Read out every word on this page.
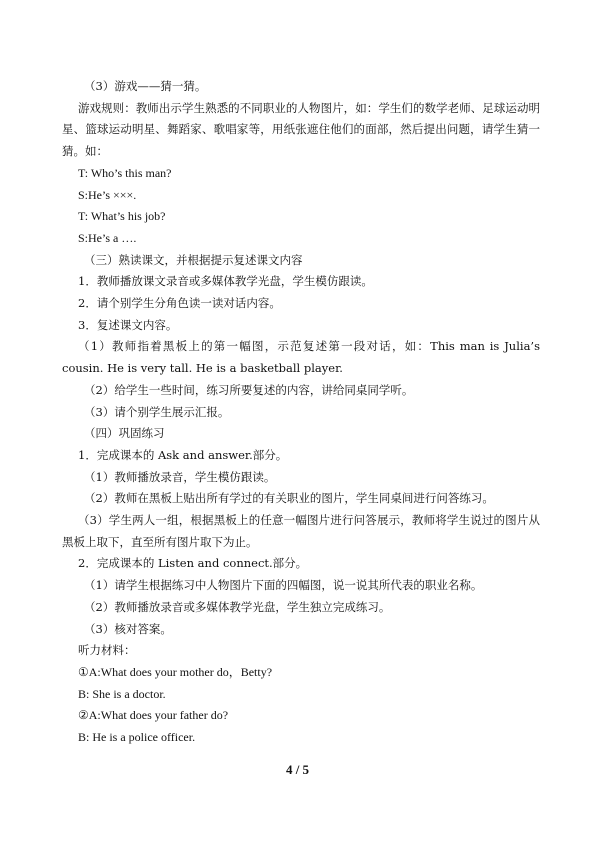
（3）游戏——猜一猜。
游戏规则：教师出示学生熟悉的不同职业的人物图片，如：学生们的数学老师、足球运动明星、篮球运动明星、舞蹈家、歌唱家等，用纸张遮住他们的面部，然后提出问题，请学生猜一猜。如：
T: Who’s this man?
S:He’s ×××.
T: What’s his job?
S:He’s a ….
（三）熟读课文，并根据提示复述课文内容
1．教师播放课文录音或多媒体教学光盘，学生模仿跟读。
2．请个别学生分角色读一读对话内容。
3．复述课文内容。
（1）教师指着黑板上的第一幅图，示范复述第一段对话，如：This man is Julia’s cousin. He is very tall. He is a basketball player.
（2）给学生一些时间，练习所要复述的内容，讲给同桌同学听。
（3）请个别学生展示汇报。
（四）巩固练习
1．完成课本的 Ask and answer.部分。
（1）教师播放录音，学生模仿跟读。
（2）教师在黑板上贴出所有学过的有关职业的图片，学生同桌间进行问答练习。
（3）学生两人一组，根据黑板上的任意一幅图片进行问答展示，教师将学生说过的图片从黑板上取下，直至所有图片取下为止。
2．完成课本的 Listen and connect.部分。
（1）请学生根据练习中人物图片下面的四幅图，说一说其所代表的职业名称。
（2）教师播放录音或多媒体教学光盘，学生独立完成练习。
（3）核对答案。
听力材料：
①A:What does your mother do，Betty?
B: She is a doctor.
②A:What does your father do?
B: He is a police officer.
4 / 5
